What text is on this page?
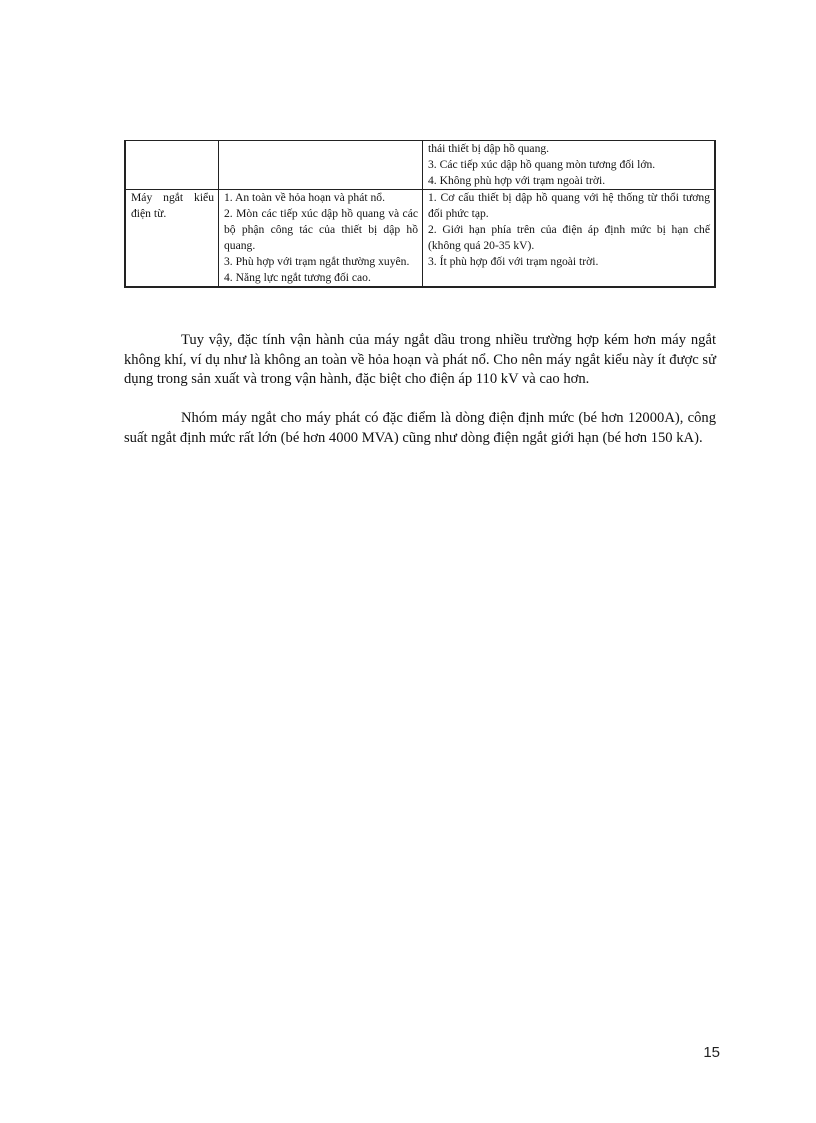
		thái thiết bị dập hồ quang.
3. Các tiếp xúc dập hồ quang mòn tương đối lớn.
4. Không phù hợp với trạm ngoài trời.

Máy ngắt kiểu điện từ.	1. An toàn về hỏa hoạn và phát nổ.
2. Mòn các tiếp xúc dập hồ quang và các bộ phận công tác của thiết bị dập hồ quang.
3. Phù hợp với trạm ngắt thường xuyên.
4. Năng lực ngắt tương đối cao.	1. Cơ cấu thiết bị dập hồ quang với hệ thống từ thổi tương đối phức tạp.
2. Giới hạn phía trên của điện áp định mức bị hạn chế (không quá 20-35 kV).
3. Ít phù hợp đối với trạm ngoài trời.

Tuy vậy, đặc tính vận hành của máy ngắt dầu trong nhiều trường hợp kém hơn máy ngắt không khí, ví dụ như là không an toàn về hỏa hoạn và phát nổ. Cho nên máy ngắt kiểu này ít được sử dụng trong sản xuất và trong vận hành, đặc biệt cho điện áp 110 kV và cao hơn.

Nhóm máy ngắt cho máy phát có đặc điểm là dòng điện định mức (bé hơn 12000A), công suất ngắt định mức rất lớn (bé hơn 4000 MVA) cũng như dòng điện ngắt giới hạn (bé hơn 150 kA).

15
